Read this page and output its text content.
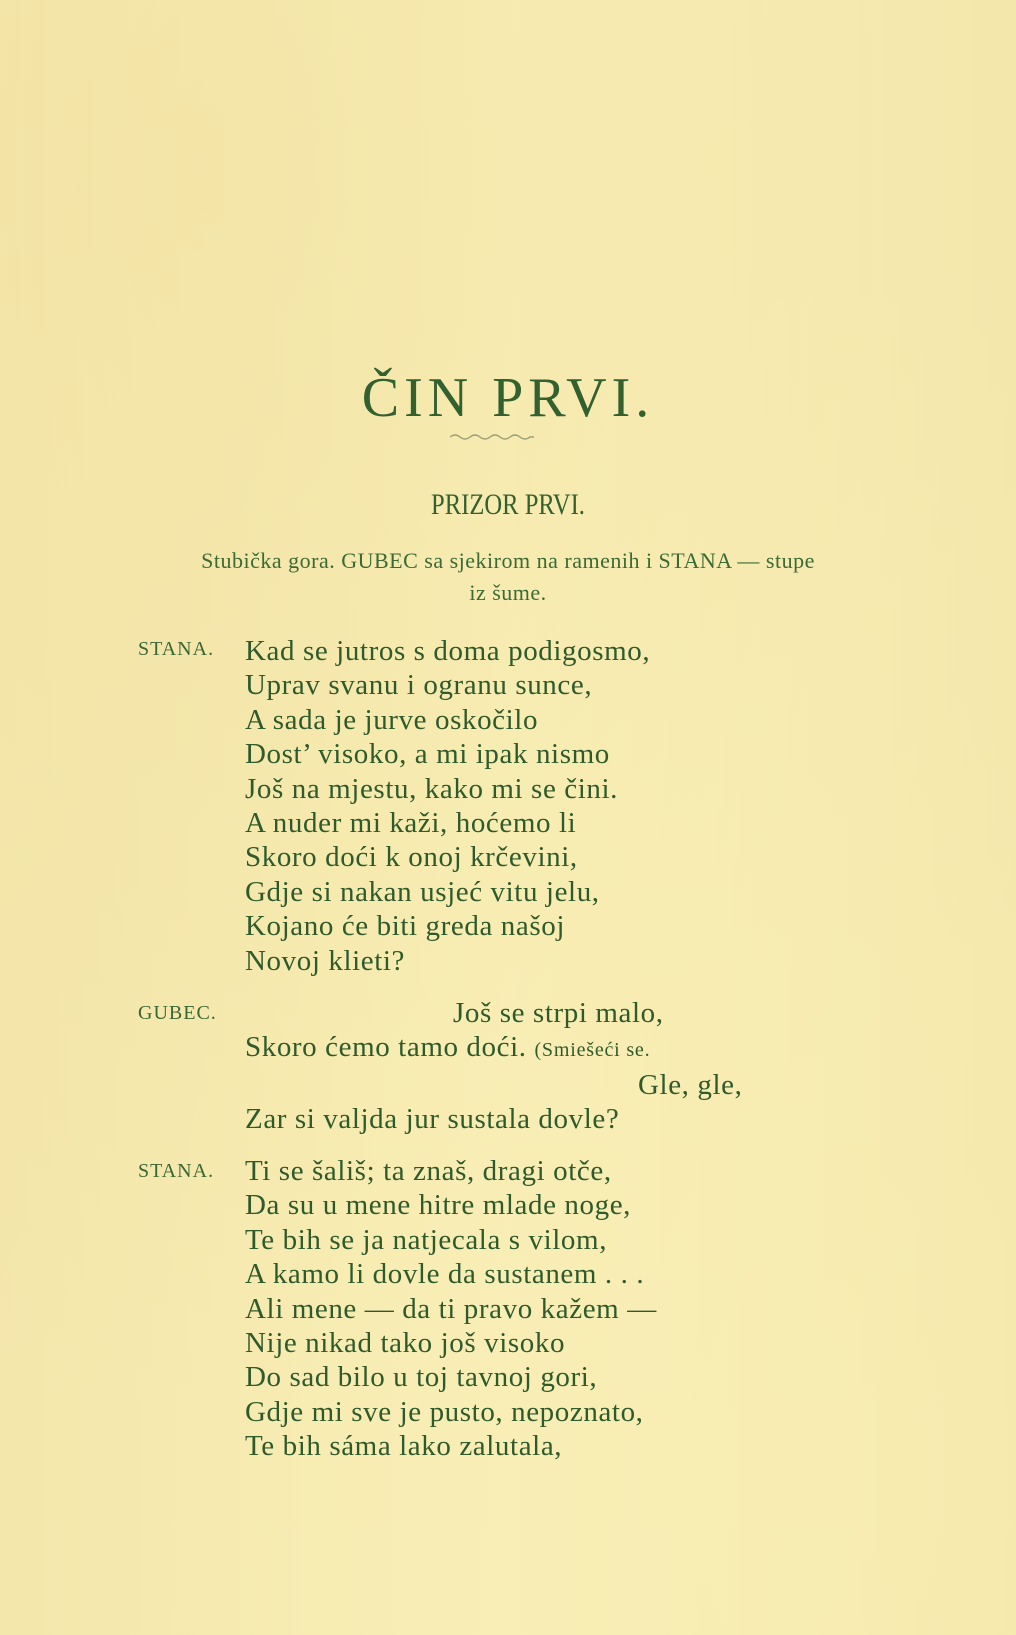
ČIN PRVI.
PRIZOR PRVI.
Stubička gora. GUBEC sa sjekirom na ramenih i STANA — stupe
iz šume.
STANA. Kad se jutros s doma podigosmo,
Uprav svanu i ogranu sunce,
A sada je jurve oskočilo
Dost’ visoko, a mi ipak nismo
Još na mjestu, kako mi se čini.
A nuder mi kaži, hoćemo li
Skoro doći k onoj krčevini,
Gdje si nakan usjeć vitu jelu,
Kojano će biti greda našoj
Novoj klieti?
GUBEC.	Još se strpi malo,
Skoro ćemo tamo doći. (Smiešeći se.
Gle, gle,
Zar si valjda jur sustala dovle?
STANA. Ti se šališ; ta znaš, dragi otče,
Da su u mene hitre mlade noge,
Te bih se ja natjecala s vilom,
A kamo li dovle da sustanem . . .
Ali mene — da ti pravo kažem —
Nije nikad tako još visoko
Do sad bilo u toj tavnoj gori,
Gdje mi sve je pusto, nepoznato,
Te bih sáma lako zalutala,
